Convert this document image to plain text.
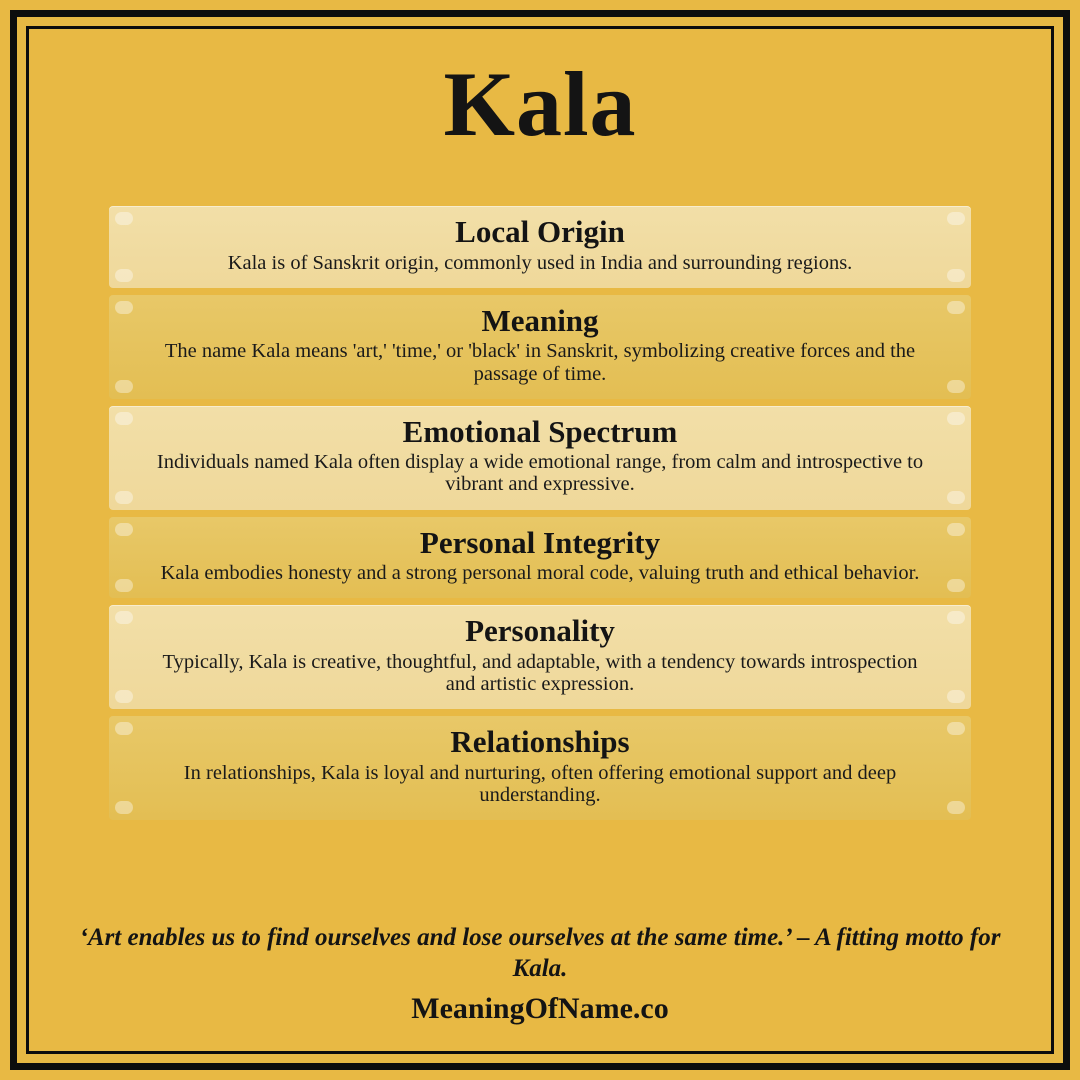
Kala

Local Origin

Kala is of Sanskrit origin, commonly used in India and surrounding regions.

Meaning

The name Kala means 'art,' 'time,' or 'black' in Sanskrit, symbolizing creative forces and the passage of time.

Emotional Spectrum

Individuals named Kala often display a wide emotional range, from calm and introspective to vibrant and expressive.

Personal Integrity

Kala embodies honesty and a strong personal moral code, valuing truth and ethical behavior.

Personality

Typically, Kala is creative, thoughtful, and adaptable, with a tendency towards introspection and artistic expression.

Relationships

In relationships, Kala is loyal and nurturing, often offering emotional support and deep understanding.

‘Art enables us to find ourselves and lose ourselves at the same time.’ – A fitting motto for Kala.

MeaningOfName.co
